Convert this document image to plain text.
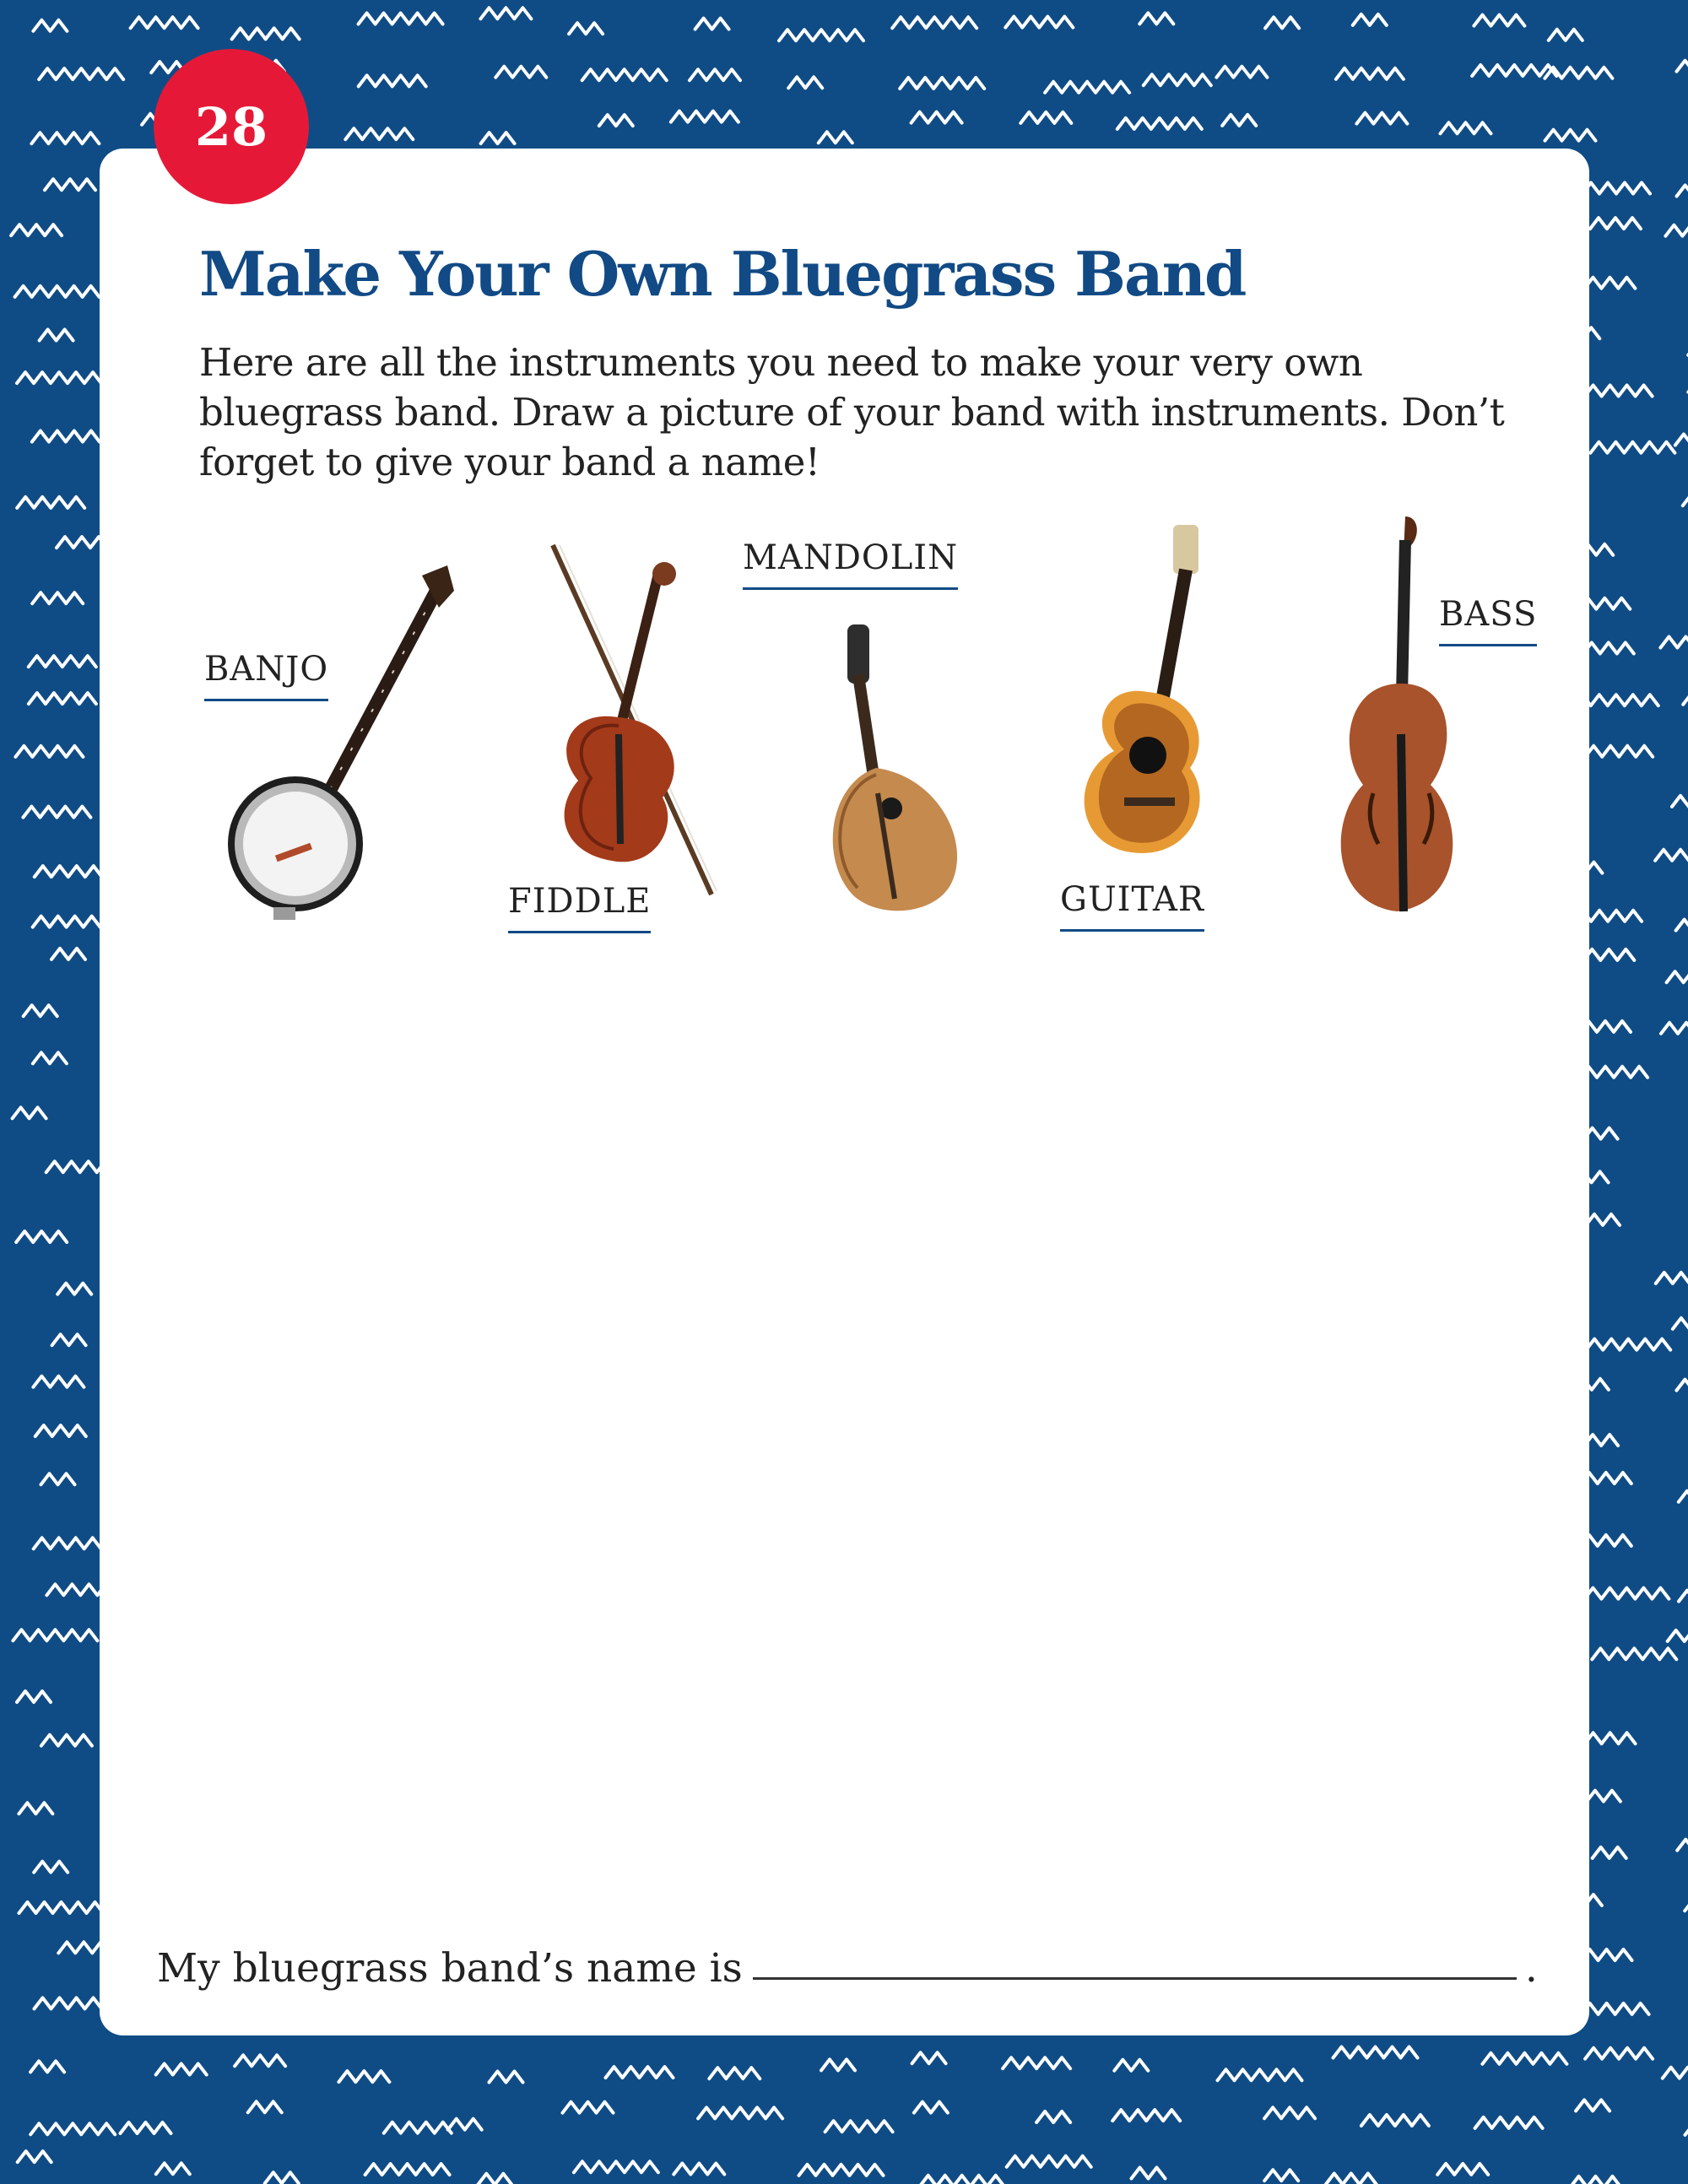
28
Make Your Own Bluegrass Band

Here are all the instruments you need to make your very own bluegrass band. Draw a picture of your band with instruments. Don’t forget to give your band a name!

BANJO
FIDDLE
MANDOLIN
GUITAR
BASS
My bluegrass band’s name is	.
